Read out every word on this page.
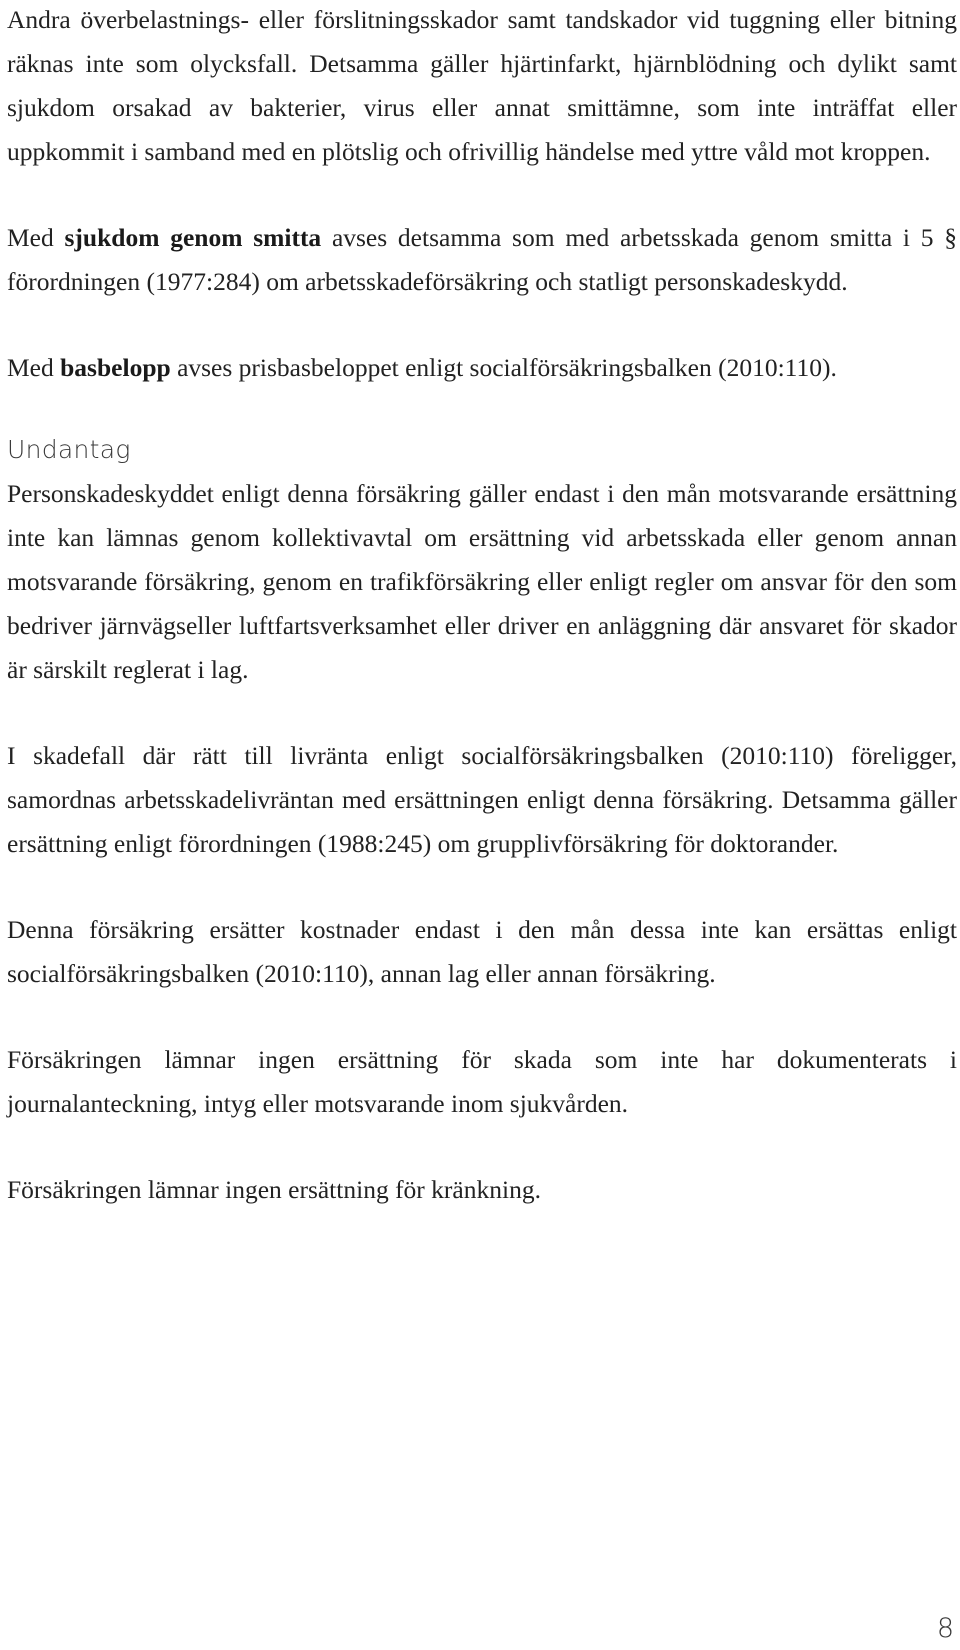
Andra överbelastnings- eller förslitningsskador samt tandskador vid tuggning eller bitning räknas inte som olycksfall. Detsamma gäller hjärtinfarkt, hjärnblödning och dylikt samt sjukdom orsakad av bakterier, virus eller annat smittämne, som inte inträffat eller uppkommit i samband med en plötslig och ofrivillig händelse med yttre våld mot kroppen.

Med sjukdom genom smitta avses detsamma som med arbetsskada genom smitta i 5 § förordningen (1977:284) om arbetsskadeförsäkring och statligt personskadeskydd.

Med basbelopp avses prisbasbeloppet enligt socialförsäkringsbalken (2010:110).

Undantag

Personskadeskyddet enligt denna försäkring gäller endast i den mån motsvarande ersättning inte kan lämnas genom kollektivavtal om ersättning vid arbetsskada eller genom annan motsvarande försäkring, genom en trafikförsäkring eller enligt regler om ansvar för den som bedriver järnvägseller luftfartsverksamhet eller driver en anläggning där ansvaret för skador är särskilt reglerat i lag.

I skadefall där rätt till livränta enligt socialförsäkringsbalken (2010:110) föreligger, samordnas arbetsskadelivräntan med ersättningen enligt denna försäkring. Detsamma gäller ersättning enligt förordningen (1988:245) om grupplivförsäkring för doktorander.

Denna försäkring ersätter kostnader endast i den mån dessa inte kan ersättas enligt socialförsäkringsbalken (2010:110), annan lag eller annan försäkring.

Försäkringen lämnar ingen ersättning för skada som inte har dokumenterats i journalanteckning, intyg eller motsvarande inom sjukvården.

Försäkringen lämnar ingen ersättning för kränkning.

8
